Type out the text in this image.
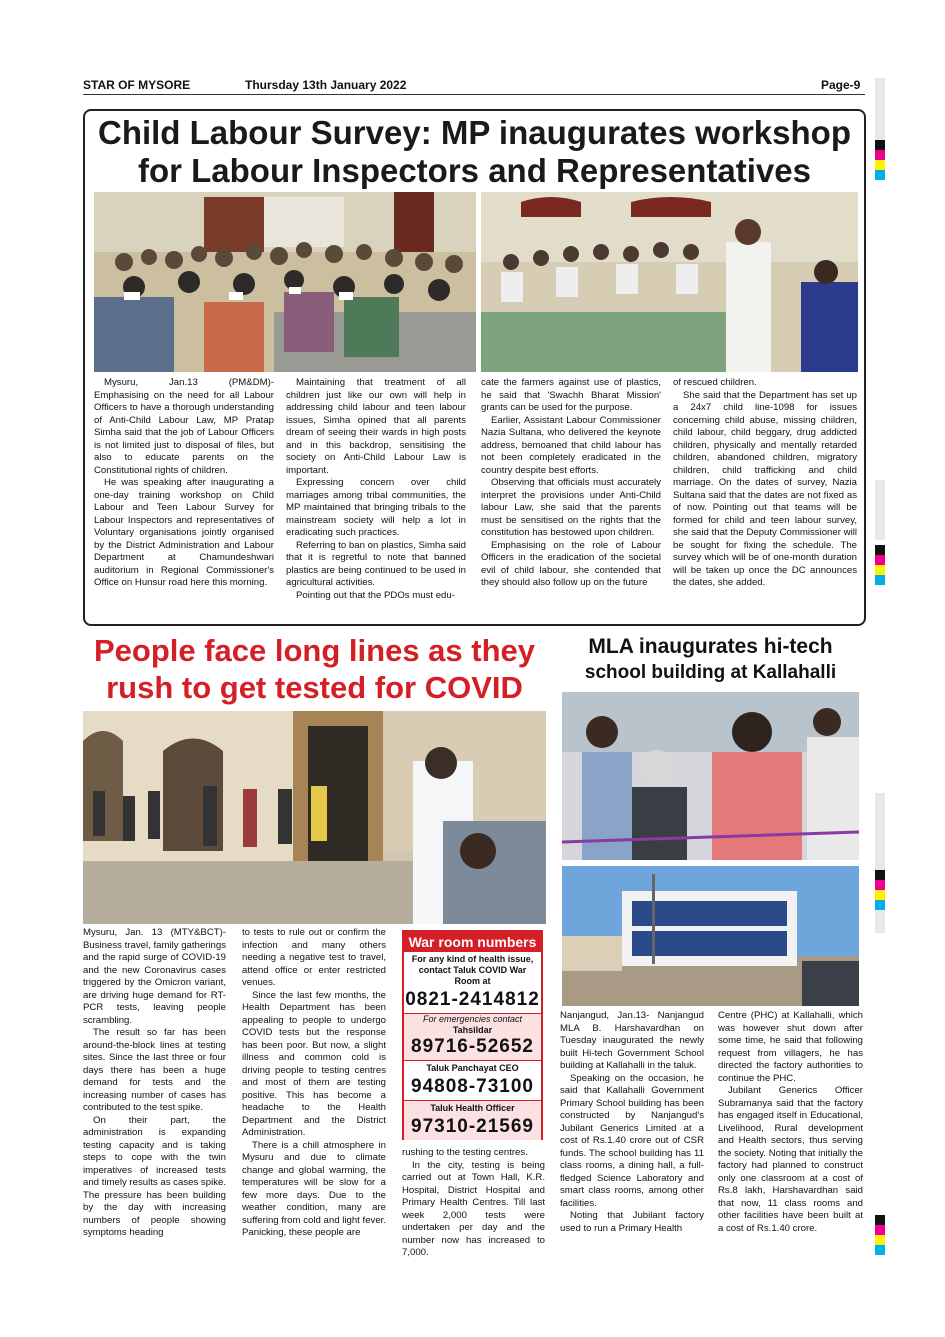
STAR OF MYSORE	Thursday 13th January 2022	Page-9
Child Labour Survey: MP inaugurates workshop
for Labour Inspectors and Representatives

Mysuru, Jan.13 (PM&DM)- Emphasising on the need for all Labour Officers to have a thorough understanding of Anti-Child Labour Law, MP Pratap Simha said that the job of Labour Officers is not limited just to disposal of files, but also to educate parents on the Constitutional rights of children.

He was speaking after inaugurating a one-day training workshop on Child Labour and Teen Labour Survey for Labour Inspectors and representatives of Voluntary organisations jointly organised by the District Administration and Labour Department at Chamundeshwari auditorium in Regional Commissioner's Office on Hunsur road here this morning.

Maintaining that treatment of all children just like our own will help in addressing child labour and teen labour issues, Simha opined that all parents dream of seeing their wards in high posts and in this backdrop, sensitising the society on Anti-Child Labour Law is important.

Expressing concern over child marriages among tribal communities, the MP maintained that bringing tribals to the mainstream society will help a lot in eradicating such practices.

Referring to ban on plastics, Simha said that it is regretful to note that banned plastics are being continued to be used in agricultural activities.

Pointing out that the PDOs must edu-

cate the farmers against use of plastics, he said that 'Swachh Bharat Mission' grants can be used for the purpose.

Earlier, Assistant Labour Commissioner Nazia Sultana, who delivered the keynote address, bemoaned that child labour has not been completely eradicated in the country despite best efforts.

Observing that officials must accurately interpret the provisions under Anti-Child labour Law, she said that the parents must be sensitised on the rights that the constitution has bestowed upon children.

Emphasising on the role of Labour Officers in the eradication of the societal evil of child labour, she contended that they should also follow up on the future

of rescued children.

She said that the Department has set up a 24x7 child line-1098 for issues concerning child abuse, missing children, child labour, child beggary, drug addicted children, physically and mentally retarded children, abandoned children, migratory children, child trafficking and child marriage. On the dates of survey, Nazia Sultana said that the dates are not fixed as of now. Pointing out that teams will be formed for child and teen labour survey, she said that the Deputy Commissioner will be sought for fixing the schedule. The survey which will be of one-month duration will be taken up once the DC announces the dates, she added.

People face long lines as they
rush to get tested for COVID

Mysuru, Jan. 13 (MTY&BCT)- Business travel, family gatherings and the rapid surge of COVID-19 and the new Coronavirus cases triggered by the Omicron variant, are driving huge demand for RT-PCR tests, leaving people scrambling.

The result so far has been around-the-block lines at testing sites. Since the last three or four days there has been a huge demand for tests and the increasing number of cases has contributed to the test spike.

On their part, the administration is expanding testing capacity and is taking steps to cope with the twin imperatives of increased tests and timely results as cases spike. The pressure has been building by the day with increasing numbers of people showing symptoms heading

to tests to rule out or confirm the infection and many others needing a negative test to travel, attend office or enter restricted venues.

Since the last few months, the Health Department has been appealing to people to undergo COVID tests but the response has been poor. But now, a slight illness and common cold is driving people to testing centres and most of them are testing positive. This has become a headache to the Health Department and the District Administration.

There is a chill atmosphere in Mysuru and due to climate change and global warming, the temperatures will be slow for a few more days. Due to the weather condition, many are suffering from cold and light fever. Panicking, these people are

War room numbers
For any kind of health issue, contact Taluk COVID War Room at
0821-2414812
For emergencies contact
Tahsildar
89716-52652
Taluk Panchayat CEO
94808-73100
Taluk Health Officer
97310-21569

rushing to the testing centres.

In the city, testing is being carried out at Town Hall, K.R. Hospital, District Hospital and Primary Health Centres. Till last week 2,000 tests were undertaken per day and the number now has increased to 7,000.

MLA inaugurates hi-tech
school building at Kallahalli

Nanjangud, Jan.13- Nanjangud MLA B. Harshavardhan on Tuesday inaugurated the newly built Hi-tech Government School building at Kallahalli in the taluk.

Speaking on the occasion, he said that Kallahalli Government Primary School building has been constructed by Nanjangud's Jubilant Generics Limited at a cost of Rs.1.40 crore out of CSR funds. The school building has 11 class rooms, a dining hall, a full-fledged Science Laboratory and smart class rooms, among other facilities.

Noting that Jubilant factory used to run a Primary Health

Centre (PHC) at Kallahalli, which was however shut down after some time, he said that following request from villagers, he has directed the factory authorities to continue the PHC.

Jubilant Generics Officer Subramanya said that the factory has engaged itself in Educational, Livelihood, Rural development and Health sectors, thus serving the society. Noting that initially the factory had planned to construct only one classroom at a cost of Rs.8 lakh, Harshavardhan said that now, 11 class rooms and other facilities have been built at a cost of Rs.1.40 crore.
